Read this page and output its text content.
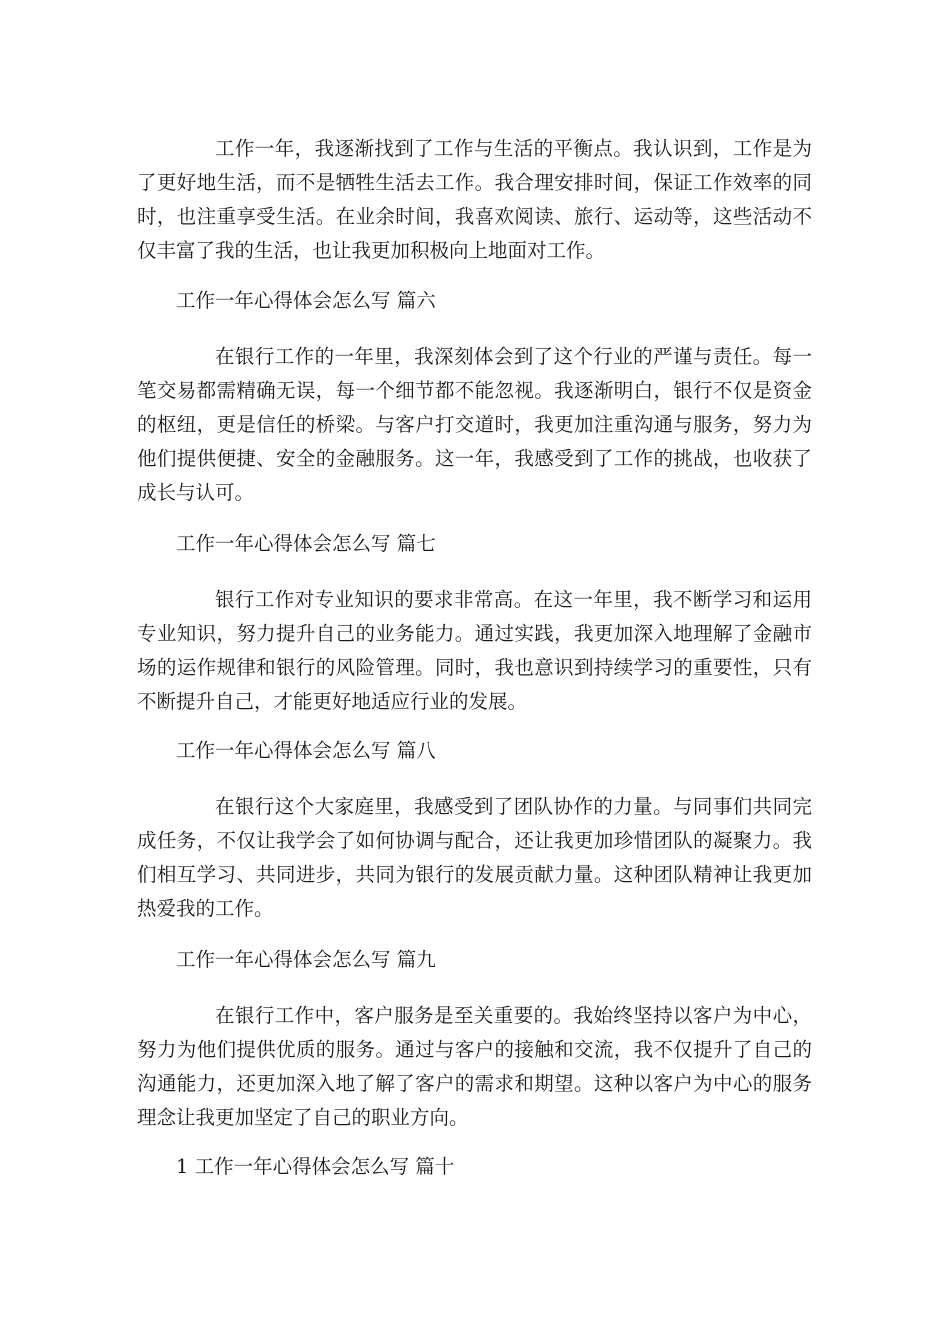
工作一年，我逐渐找到了工作与生活的平衡点。我认识到，工作是为了更好地生活，而不是牺牲生活去工作。我合理安排时间，保证工作效率的同时，也注重享受生活。在业余时间，我喜欢阅读、旅行、运动等，这些活动不仅丰富了我的生活，也让我更加积极向上地面对工作。

工作一年心得体会怎么写 篇六

在银行工作的一年里，我深刻体会到了这个行业的严谨与责任。每一笔交易都需精确无误，每一个细节都不能忽视。我逐渐明白，银行不仅是资金的枢纽，更是信任的桥梁。与客户打交道时，我更加注重沟通与服务，努力为他们提供便捷、安全的金融服务。这一年，我感受到了工作的挑战，也收获了成长与认可。

工作一年心得体会怎么写 篇七

银行工作对专业知识的要求非常高。在这一年里，我不断学习和运用专业知识，努力提升自己的业务能力。通过实践，我更加深入地理解了金融市场的运作规律和银行的风险管理。同时，我也意识到持续学习的重要性，只有不断提升自己，才能更好地适应行业的发展。

工作一年心得体会怎么写 篇八

在银行这个大家庭里，我感受到了团队协作的力量。与同事们共同完成任务，不仅让我学会了如何协调与配合，还让我更加珍惜团队的凝聚力。我们相互学习、共同进步，共同为银行的发展贡献力量。这种团队精神让我更加热爱我的工作。

工作一年心得体会怎么写 篇九

在银行工作中，客户服务是至关重要的。我始终坚持以客户为中心，努力为他们提供优质的服务。通过与客户的接触和交流，我不仅提升了自己的沟通能力，还更加深入地了解了客户的需求和期望。这种以客户为中心的服务理念让我更加坚定了自己的职业方向。

1 工作一年心得体会怎么写 篇十
